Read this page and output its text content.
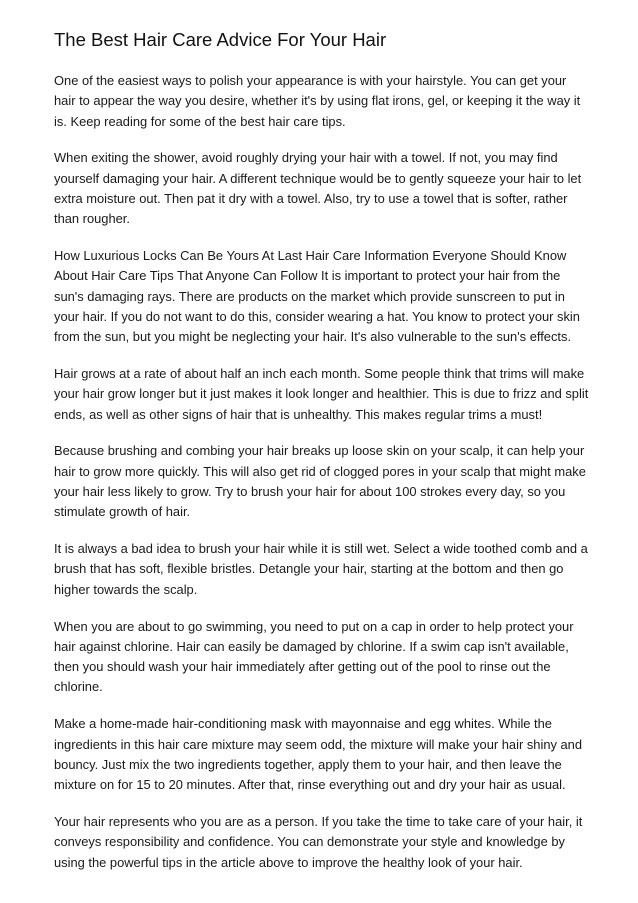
The Best Hair Care Advice For Your Hair

One of the easiest ways to polish your appearance is with your hairstyle. You can get your hair to appear the way you desire, whether it's by using flat irons, gel, or keeping it the way it is. Keep reading for some of the best hair care tips.

When exiting the shower, avoid roughly drying your hair with a towel. If not, you may find yourself damaging your hair. A different technique would be to gently squeeze your hair to let extra moisture out. Then pat it dry with a towel. Also, try to use a towel that is softer, rather than rougher.

How Luxurious Locks Can Be Yours At Last Hair Care Information Everyone Should Know About Hair Care Tips That Anyone Can Follow It is important to protect your hair from the sun's damaging rays. There are products on the market which provide sunscreen to put in your hair. If you do not want to do this, consider wearing a hat. You know to protect your skin from the sun, but you might be neglecting your hair. It's also vulnerable to the sun's effects.

Hair grows at a rate of about half an inch each month. Some people think that trims will make your hair grow longer but it just makes it look longer and healthier. This is due to frizz and split ends, as well as other signs of hair that is unhealthy. This makes regular trims a must!

Because brushing and combing your hair breaks up loose skin on your scalp, it can help your hair to grow more quickly. This will also get rid of clogged pores in your scalp that might make your hair less likely to grow. Try to brush your hair for about 100 strokes every day, so you stimulate growth of hair.

It is always a bad idea to brush your hair while it is still wet. Select a wide toothed comb and a brush that has soft, flexible bristles. Detangle your hair, starting at the bottom and then go higher towards the scalp.

When you are about to go swimming, you need to put on a cap in order to help protect your hair against chlorine. Hair can easily be damaged by chlorine. If a swim cap isn't available, then you should wash your hair immediately after getting out of the pool to rinse out the chlorine.

Make a home-made hair-conditioning mask with mayonnaise and egg whites. While the ingredients in this hair care mixture may seem odd, the mixture will make your hair shiny and bouncy. Just mix the two ingredients together, apply them to your hair, and then leave the mixture on for 15 to 20 minutes. After that, rinse everything out and dry your hair as usual.

Your hair represents who you are as a person. If you take the time to take care of your hair, it conveys responsibility and confidence. You can demonstrate your style and knowledge by using the powerful tips in the article above to improve the healthy look of your hair.
